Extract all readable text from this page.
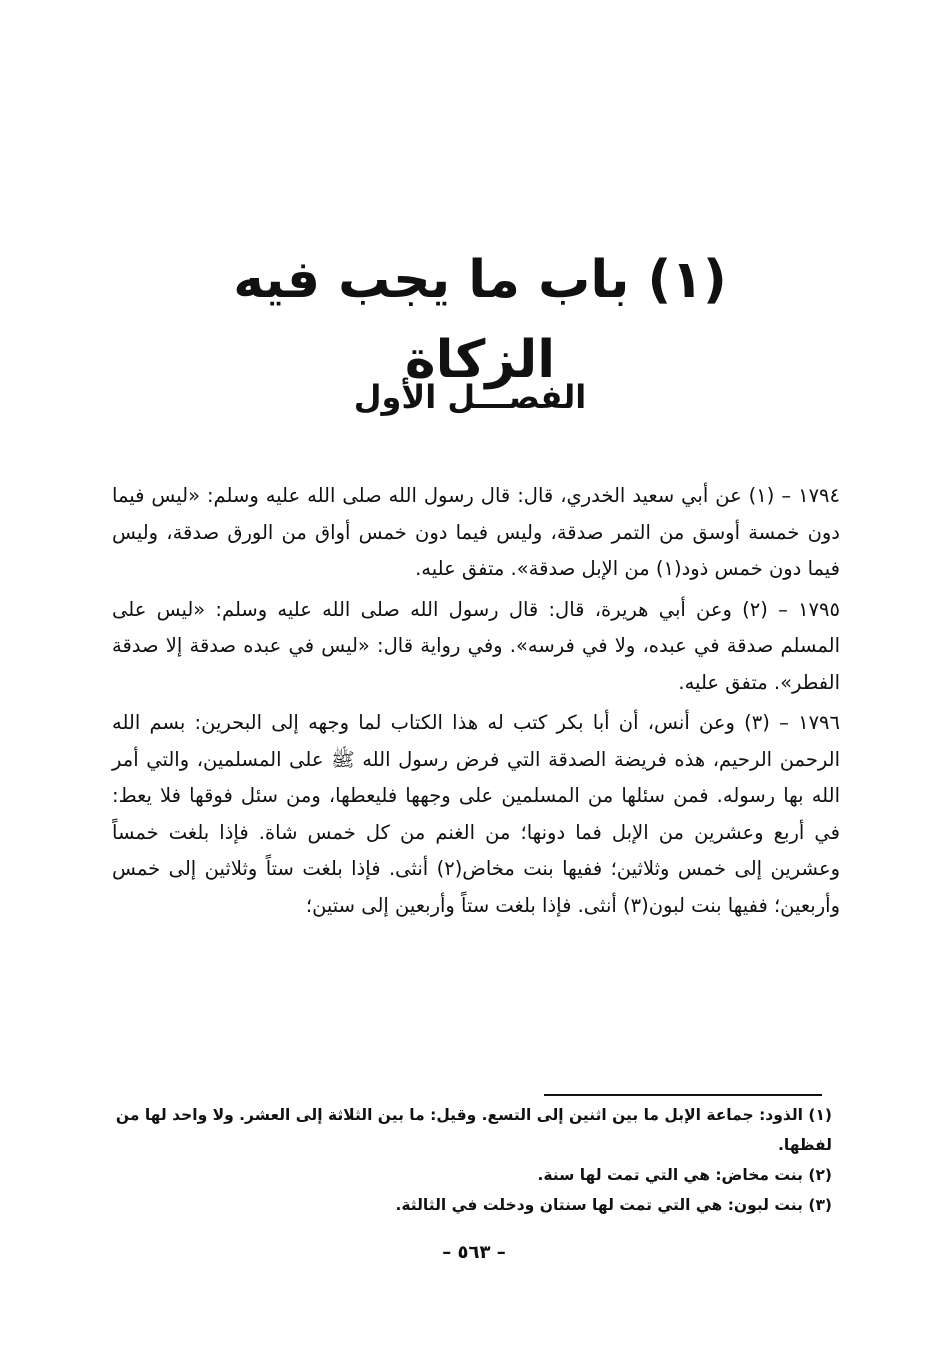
(١) باب ما يجب فيه الزكاة
الفصـــل الأول

١٧٩٤ – (١) عن أبي سعيد الخدري، قال: قال رسول الله صلى الله عليه وسلم: «ليس فيما دون خمسة أوسق من التمر صدقة، وليس فيما دون خمس أواق من الورق صدقة، وليس فيما دون خمس ذود(١) من الإبل صدقة». متفق عليه.

١٧٩٥ – (٢) وعن أبي هريرة، قال: قال رسول الله صلى الله عليه وسلم: «ليس على المسلم صدقة في عبده، ولا في فرسه». وفي رواية قال: «ليس في عبده صدقة إلا صدقة الفطر». متفق عليه.

١٧٩٦ – (٣) وعن أنس، أن أبا بكر كتب له هذا الكتاب لما وجهه إلى البحرين: بسم الله الرحمن الرحيم، هذه فريضة الصدقة التي فرض رسول الله ﷺ على المسلمين، والتي أمر الله بها رسوله. فمن سئلها من المسلمين على وجهها فليعطها، ومن سئل فوقها فلا يعط: في أربع وعشرين من الإبل فما دونها؛ من الغنم من كل خمس شاة. فإذا بلغت خمساً وعشرين إلى خمس وثلاثين؛ ففيها بنت مخاض(٢) أنثى. فإذا بلغت ستاً وثلاثين إلى خمس وأربعين؛ ففيها بنت لبون(٣) أنثى. فإذا بلغت ستاً وأربعين إلى ستين؛

(١) الذود: جماعة الإبل ما بين اثنين إلى التسع. وقيل: ما بين الثلاثة إلى العشر. ولا واحد لها من لفظها.

(٢) بنت مخاض: هي التي تمت لها سنة.

(٣) بنت لبون: هي التي تمت لها سنتان ودخلت في الثالثة.

– ٥٦٣ –
